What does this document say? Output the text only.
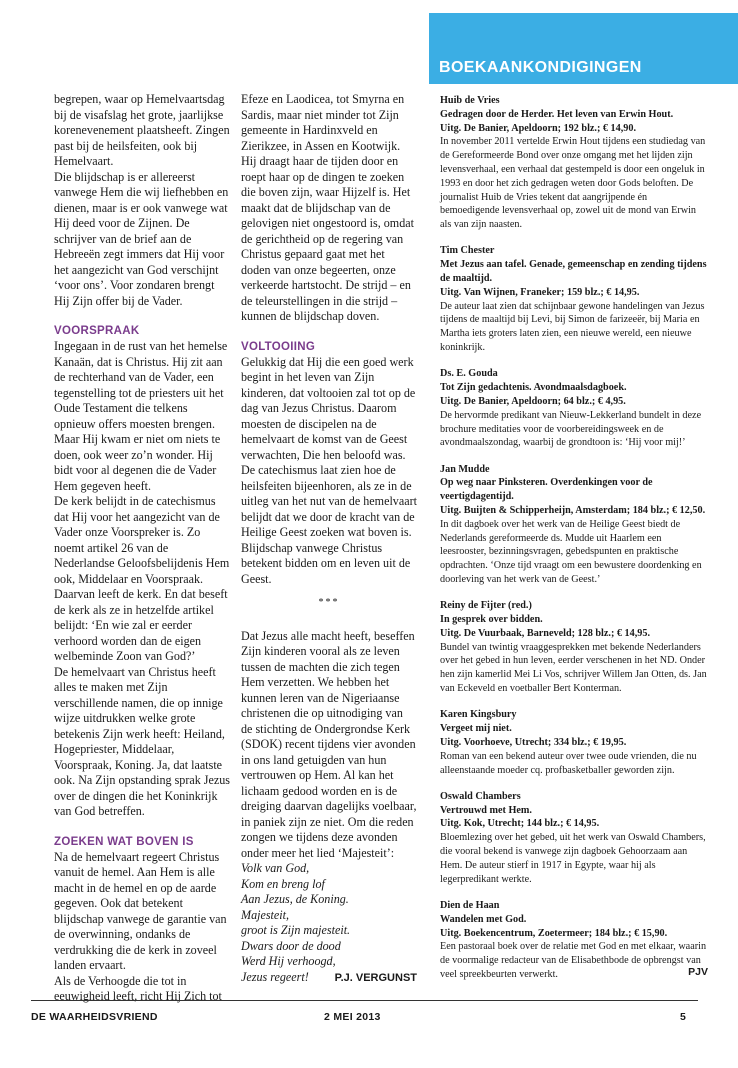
BOEKAANKONDIGINGEN

begrepen, waar op Hemelvaartsdag bij de visafslag het grote, jaarlijkse korenevenement plaatsheeft. Zingen past bij de heilsfeiten, ook bij Hemelvaart.

Die blijdschap is er allereerst vanwege Hem die wij liefhebben en dienen, maar is er ook vanwege wat Hij deed voor de Zijnen. De schrijver van de brief aan de Hebreeën zegt immers dat Hij voor het aangezicht van God verschijnt ‘voor ons’. Voor zondaren brengt Hij Zijn offer bij de Vader.

VOORSPRAAK

Ingegaan in de rust van het hemelse Kanaän, dat is Christus. Hij zit aan de rechterhand van de Vader, een tegenstelling tot de priesters uit het Oude Testament die telkens opnieuw offers moesten brengen. Maar Hij kwam er niet om niets te doen, ook weer zo’n wonder. Hij bidt voor al degenen die de Vader Hem gegeven heeft.

De kerk belijdt in de catechismus dat Hij voor het aangezicht van de Vader onze Voorspreker is. Zo noemt artikel 26 van de Nederlandse Geloofsbelijdenis Hem ook, Middelaar en Voorspraak. Daarvan leeft de kerk. En dat beseft de kerk als ze in hetzelfde artikel belijdt: ‘En wie zal er eerder verhoord worden dan de eigen welbeminde Zoon van God?’

De hemelvaart van Christus heeft alles te maken met Zijn verschillende namen, die op innige wijze uitdrukken welke grote betekenis Zijn werk heeft: Heiland, Hogepriester, Middelaar, Voorspraak, Koning. Ja, dat laatste ook. Na Zijn opstanding sprak Jezus over de dingen die het Koninkrijk van God betreffen.

ZOEKEN WAT BOVEN IS

Na de hemelvaart regeert Christus vanuit de hemel. Aan Hem is alle macht in de hemel en op de aarde gegeven. Ook dat betekent blijdschap vanwege de garantie van de overwinning, ondanks de verdrukking die de kerk in zoveel landen ervaart.

Als de Verhoogde die tot in eeuwigheid leeft, richt Hij Zich tot

Efeze en Laodicea, tot Smyrna en Sardis, maar niet minder tot Zijn gemeente in Hardinxveld en Zierikzee, in Assen en Kootwijk. Hij draagt haar de tijden door en roept haar op de dingen te zoeken die boven zijn, waar Hijzelf is. Het maakt dat de blijdschap van de gelovigen niet ongestoord is, omdat de gerichtheid op de regering van Christus gepaard gaat met het doden van onze begeerten, onze verkeerde hartstocht. De strijd – en de teleurstellingen in die strijd – kunnen de blijdschap doven.

VOLTOOIING

Gelukkig dat Hij die een goed werk begint in het leven van Zijn kinderen, dat voltooien zal tot op de dag van Jezus Christus. Daarom moesten de discipelen na de hemelvaart de komst van de Geest verwachten, Die hen beloofd was. De catechismus laat zien hoe de heilsfeiten bijeenhoren, als ze in de uitleg van het nut van de hemelvaart belijdt dat we door de kracht van de Heilige Geest zoeken wat boven is. Blijdschap vanwege Christus betekent bidden om en leven uit de Geest.

***

Dat Jezus alle macht heeft, beseffen Zijn kinderen vooral als ze leven tussen de machten die zich tegen Hem verzetten. We hebben het kunnen leren van de Nigeriaanse christenen die op uitnodiging van de stichting de Ondergrondse Kerk (SDOK) recent tijdens vier avonden in ons land getuigden van hun vertrouwen op Hem. Al kan het lichaam gedood worden en is de dreiging daarvan dagelijks voelbaar, in paniek zijn ze niet. Om die reden zongen we tijdens deze avonden onder meer het lied ‘Majesteit’:

Volk van God,
Kom en breng lof
Aan Jezus, de Koning.
Majesteit,
groot is Zijn majesteit.
Dwars door de dood
Werd Hij verhoogd,
Jezus regeert!	P.J. VERGUNST
Huib de Vries
Gedragen door de Herder. Het leven van Erwin Hout.
Uitg. De Banier, Apeldoorn; 192 blz.; € 14,90.
In november 2011 vertelde Erwin Hout tijdens een studiedag van de Gereformeerde Bond over onze omgang met het lijden zijn levensverhaal, een verhaal dat gestempeld is door een ongeluk in 1993 en door het zich gedragen weten door Gods beloften. De journalist Huib de Vries tekent dat aangrijpende én bemoedigende levensverhaal op, zowel uit de mond van Erwin als van zijn naasten.
Tim Chester
Met Jezus aan tafel. Genade, gemeenschap en zending tijdens de maaltijd.
Uitg. Van Wijnen, Franeker; 159 blz.; € 14,95.
De auteur laat zien dat schijnbaar gewone handelingen van Jezus tijdens de maaltijd bij Levi, bij Simon de farizeeër, bij Maria en Martha iets groters laten zien, een nieuwe wereld, een nieuwe koninkrijk.
Ds. E. Gouda
Tot Zijn gedachtenis. Avondmaalsdagboek.
Uitg. De Banier, Apeldoorn; 64 blz.; € 4,95.
De hervormde predikant van Nieuw-Lekkerland bundelt in deze brochure meditaties voor de voorbereidingsweek en de avondmaalszondag, waarbij de grondtoon is: ‘Hij voor mij!’
Jan Mudde
Op weg naar Pinksteren. Overdenkingen voor de veertigdagentijd.
Uitg. Buijten & Schipperheijn, Amsterdam; 184 blz.; € 12,50.
In dit dagboek over het werk van de Heilige Geest biedt de Nederlands gereformeerde ds. Mudde uit Haarlem een leesrooster, bezinningsvragen, gebedspunten en praktische opdrachten. ‘Onze tijd vraagt om een bewustere doordenking en doorleving van het werk van de Geest.’
Reiny de Fijter (red.)
In gesprek over bidden.
Uitg. De Vuurbaak, Barneveld; 128 blz.; € 14,95.
Bundel van twintig vraaggesprekken met bekende Nederlanders over het gebed in hun leven, eerder verschenen in het ND. Onder hen zijn kamerlid Mei Li Vos, schrijver Willem Jan Otten, ds. Jan van Eckeveld en voetballer Bert Konterman.
Karen Kingsbury
Vergeet mij niet.
Uitg. Voorhoeve, Utrecht; 334 blz.; € 19,95.
Roman van een bekend auteur over twee oude vrienden, die nu alleenstaande moeder cq. profbasketballer geworden zijn.
Oswald Chambers
Vertrouwd met Hem.
Uitg. Kok, Utrecht; 144 blz.; € 14,95.
Bloemlezing over het gebed, uit het werk van Oswald Chambers, die vooral bekend is vanwege zijn dagboek Gehoorzaam aan Hem. De auteur stierf in 1917 in Egypte, waar hij als legerpredikant werkte.
Dien de Haan
Wandelen met God.
Uitg. Boekencentrum, Zoetermeer; 184 blz.; € 15,90.
Een pastoraal boek over de relatie met God en met elkaar, waarin de voormalige redacteur van de Elisabethbode de opbrengst van veel spreekbeurten verwerkt.	PJV
DE WAARHEIDSVRIEND	2 MEI 2013	5
